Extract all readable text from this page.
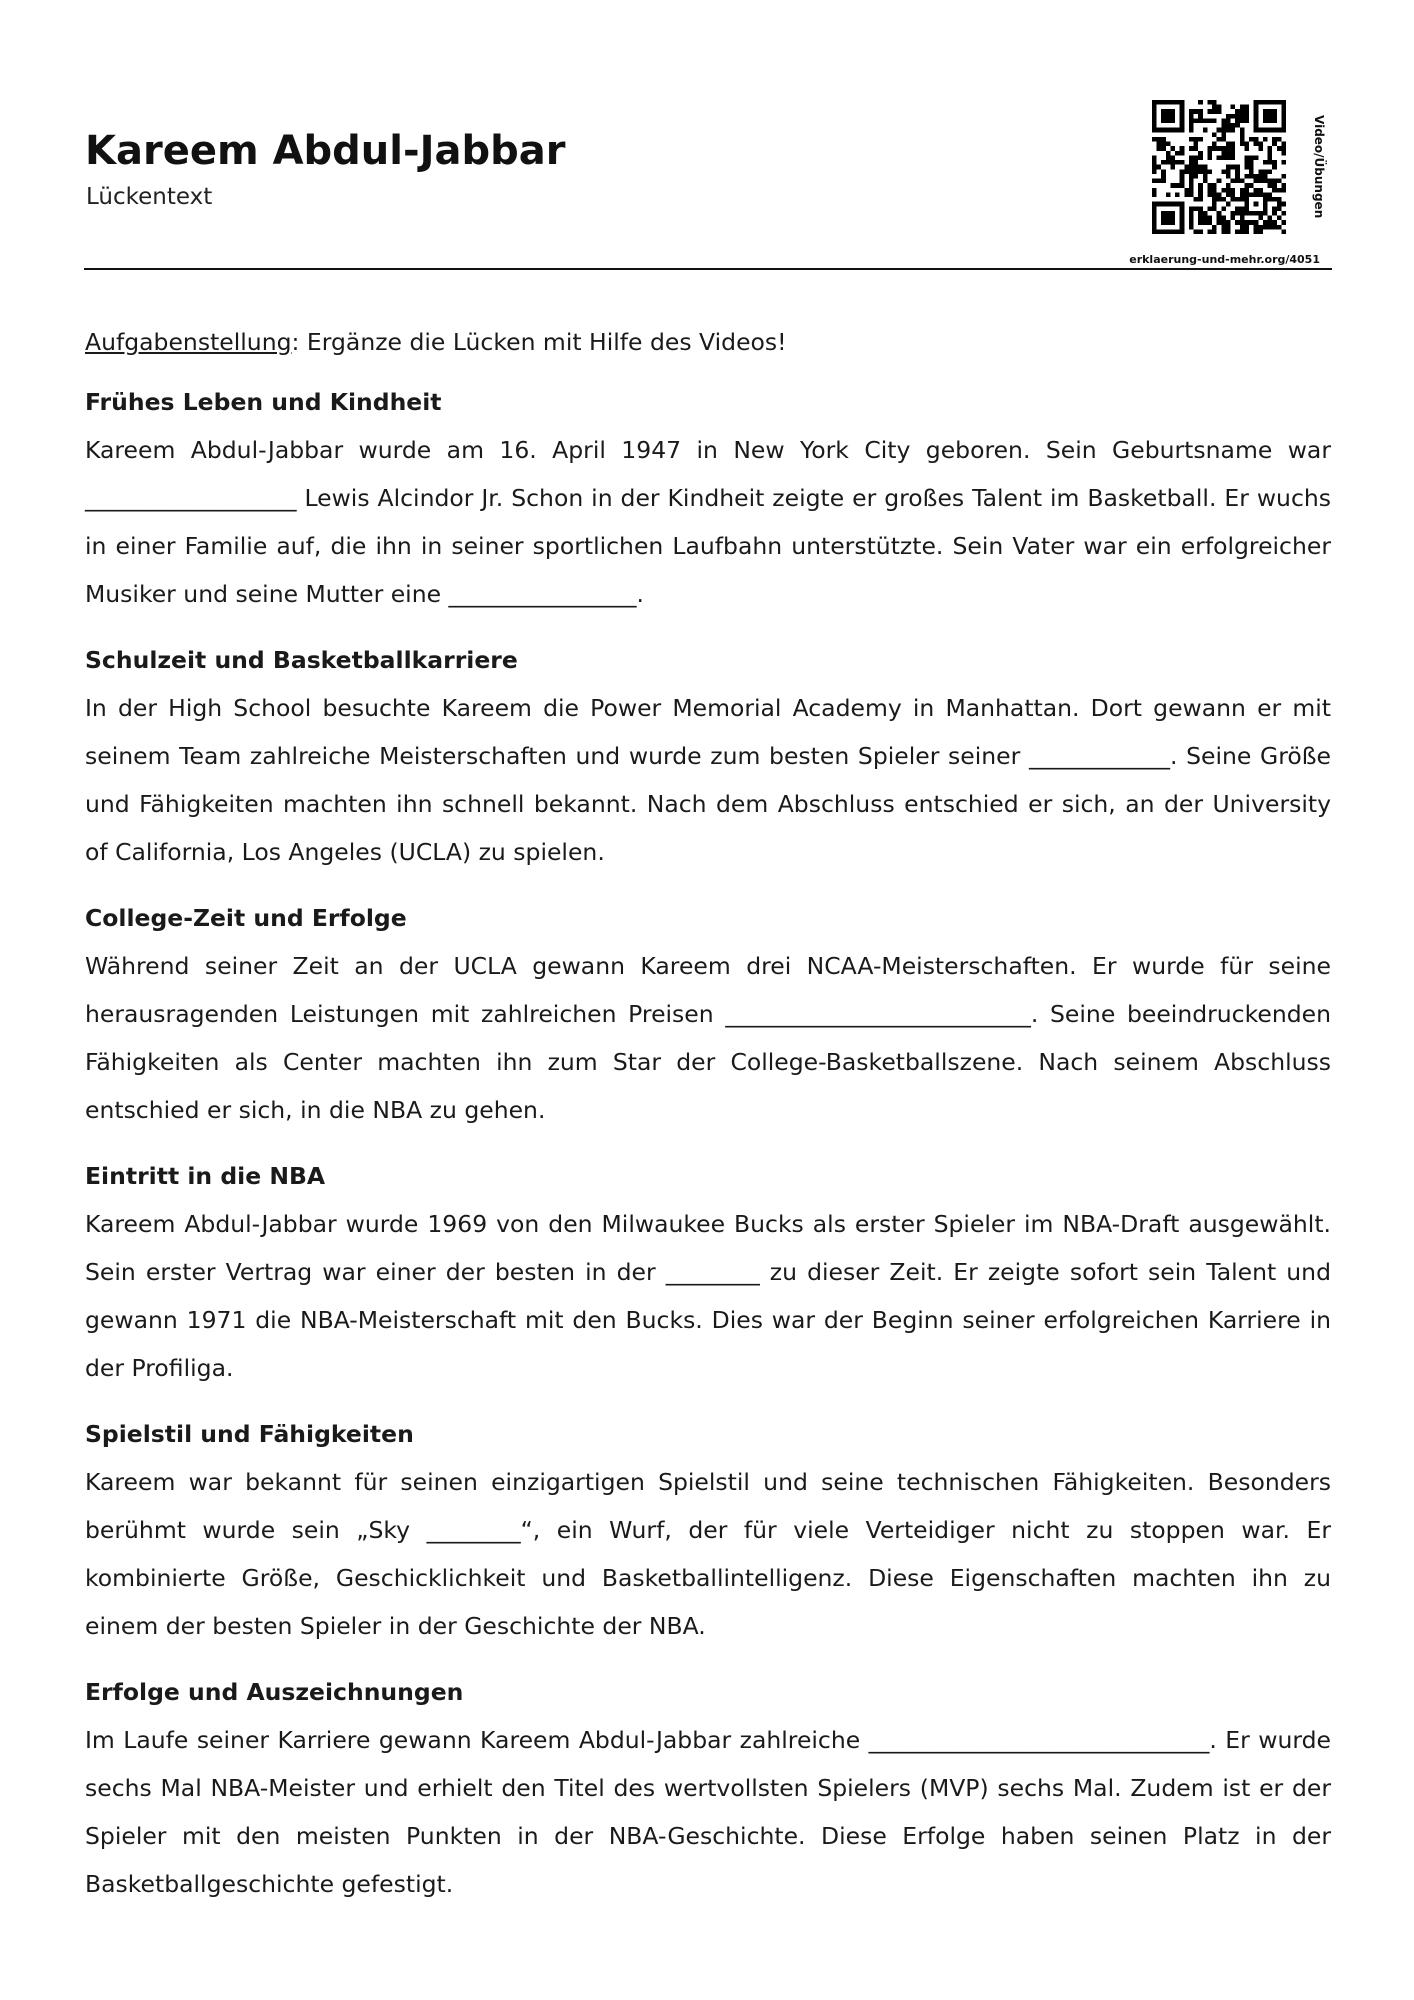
Kareem Abdul-Jabbar
Lückentext	Video/Übungen
erklaerung-und-mehr.org/4051

Aufgabenstellung: Ergänze die Lücken mit Hilfe des Videos!

Frühes Leben und Kindheit

Kareem Abdul-Jabbar wurde am 16. April 1947 in New York City geboren. Sein Geburtsname war __________________ Lewis Alcindor Jr. Schon in der Kindheit zeigte er großes Talent im Basketball. Er wuchs in einer Familie auf, die ihn in seiner sportlichen Laufbahn unterstützte. Sein Vater war ein erfolgreicher Musiker und seine Mutter eine ________________.

Schulzeit und Basketballkarriere

In der High School besuchte Kareem die Power Memorial Academy in Manhattan. Dort gewann er mit seinem Team zahlreiche Meisterschaften und wurde zum besten Spieler seiner ____________. Seine Größe und Fähigkeiten machten ihn schnell bekannt. Nach dem Abschluss entschied er sich, an der University of California, Los Angeles (UCLA) zu spielen.

College-Zeit und Erfolge

Während seiner Zeit an der UCLA gewann Kareem drei NCAA-Meisterschaften. Er wurde für seine herausragenden Leistungen mit zahlreichen Preisen __________________________. Seine beeindruckenden Fähigkeiten als Center machten ihn zum Star der College-Basketballszene. Nach seinem Abschluss entschied er sich, in die NBA zu gehen.

Eintritt in die NBA

Kareem Abdul-Jabbar wurde 1969 von den Milwaukee Bucks als erster Spieler im NBA-Draft ausgewählt. Sein erster Vertrag war einer der besten in der ________ zu dieser Zeit. Er zeigte sofort sein Talent und gewann 1971 die NBA-Meisterschaft mit den Bucks. Dies war der Beginn seiner erfolgreichen Karriere in der Profiliga.

Spielstil und Fähigkeiten

Kareem war bekannt für seinen einzigartigen Spielstil und seine technischen Fähigkeiten. Besonders berühmt wurde sein „Sky ________“, ein Wurf, der für viele Verteidiger nicht zu stoppen war. Er kombinierte Größe, Geschicklichkeit und Basketballintelligenz. Diese Eigenschaften machten ihn zu einem der besten Spieler in der Geschichte der NBA.

Erfolge und Auszeichnungen

Im Laufe seiner Karriere gewann Kareem Abdul-Jabbar zahlreiche _____________________________. Er wurde sechs Mal NBA-Meister und erhielt den Titel des wertvollsten Spielers (MVP) sechs Mal. Zudem ist er der Spieler mit den meisten Punkten in der NBA-Geschichte. Diese Erfolge haben seinen Platz in der Basketballgeschichte gefestigt.
